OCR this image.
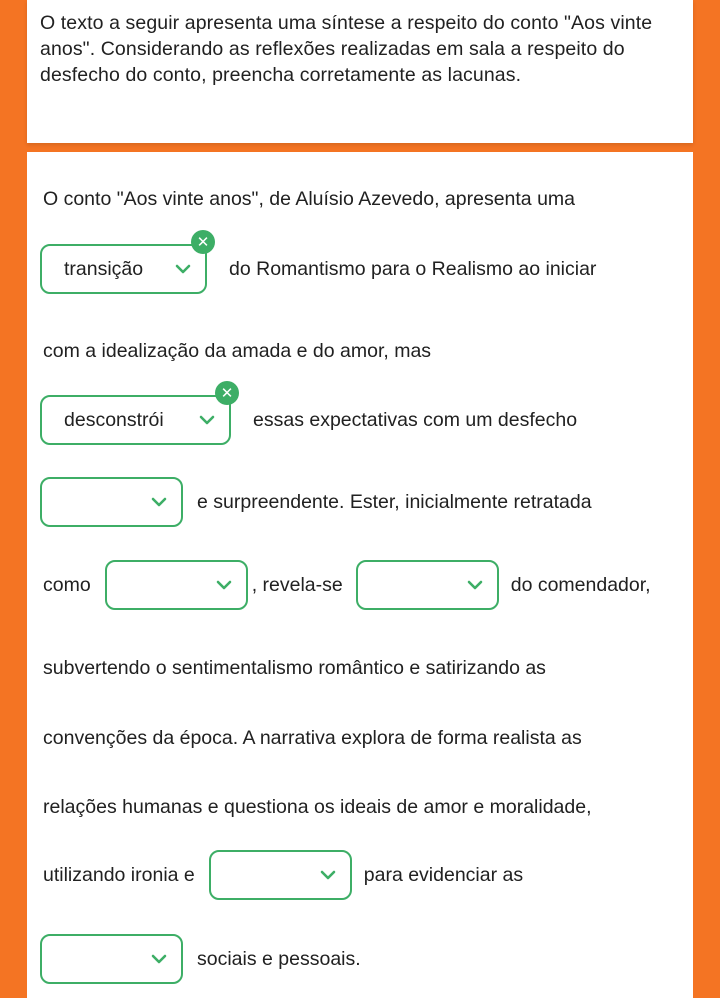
O texto a seguir apresenta uma síntese a respeito do conto "Aos vinte anos". Considerando as reflexões realizadas em sala a respeito do desfecho do conto, preencha corretamente as lacunas.

O conto "Aos vinte anos", de Aluísio Azevedo, apresenta uma
transição
✕
do Romantismo para o Realismo ao iniciar
com a idealização da amada e do amor, mas
desconstrói
✕
essas expectativas com um desfecho
e surpreendente. Ester, inicialmente retratada
como	, revela-se	do comendador,
subvertendo o sentimentalismo romântico e satirizando as
convenções da época. A narrativa explora de forma realista as
relações humanas e questiona os ideais de amor e moralidade,
utilizando ironia e	para evidenciar as
sociais e pessoais.
